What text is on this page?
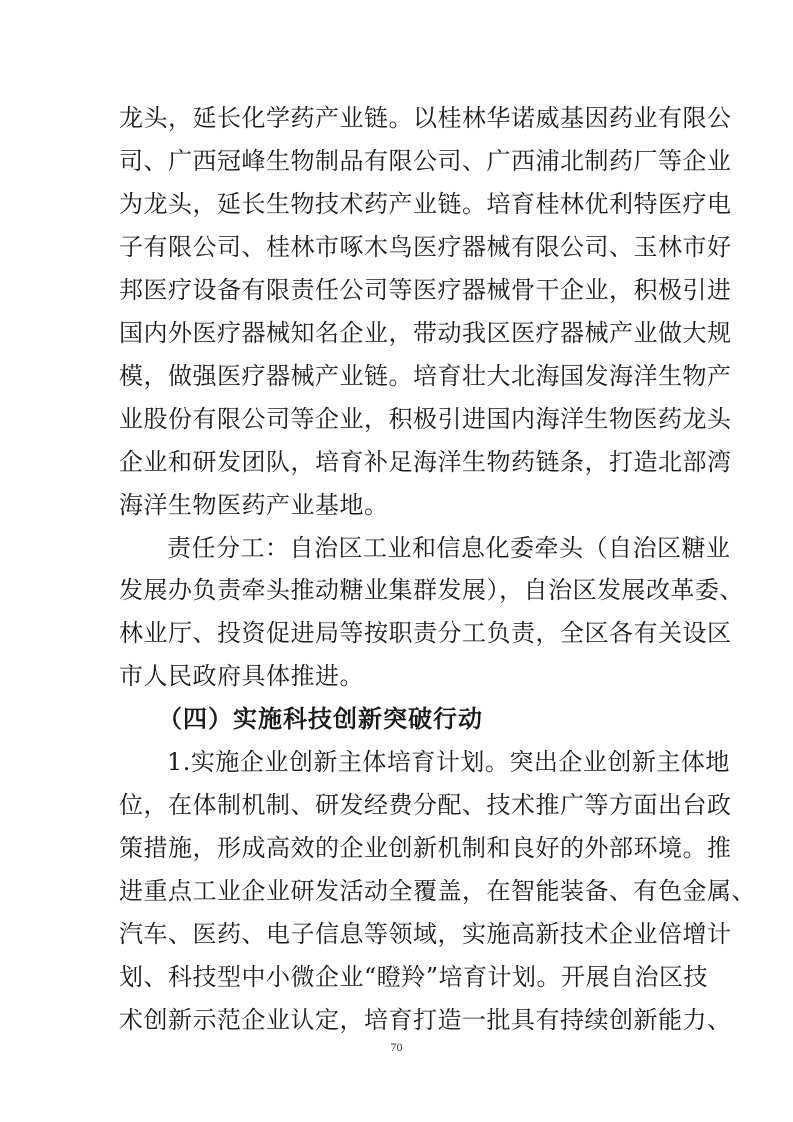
龙头，延长化学药产业链。以桂林华诺威基因药业有限公
司、广西冠峰生物制品有限公司、广西浦北制药厂等企业
为龙头，延长生物技术药产业链。培育桂林优利特医疗电
子有限公司、桂林市啄木鸟医疗器械有限公司、玉林市好
邦医疗设备有限责任公司等医疗器械骨干企业，积极引进
国内外医疗器械知名企业，带动我区医疗器械产业做大规
模，做强医疗器械产业链。培育壮大北海国发海洋生物产
业股份有限公司等企业，积极引进国内海洋生物医药龙头
企业和研发团队，培育补足海洋生物药链条，打造北部湾
海洋生物医药产业基地。
责任分工：自治区工业和信息化委牵头（自治区糖业
发展办负责牵头推动糖业集群发展），自治区发展改革委、
林业厅、投资促进局等按职责分工负责，全区各有关设区
市人民政府具体推进。
（四）实施科技创新突破行动
1.实施企业创新主体培育计划。突出企业创新主体地
位，在体制机制、研发经费分配、技术推广等方面出台政
策措施，形成高效的企业创新机制和良好的外部环境。推
进重点工业企业研发活动全覆盖，在智能装备、有色金属、
汽车、医药、电子信息等领域，实施高新技术企业倍增计
70
划、科技型中小微企业“瞪羚”培育计划。开展自治区技
术创新示范企业认定，培育打造一批具有持续创新能力、
